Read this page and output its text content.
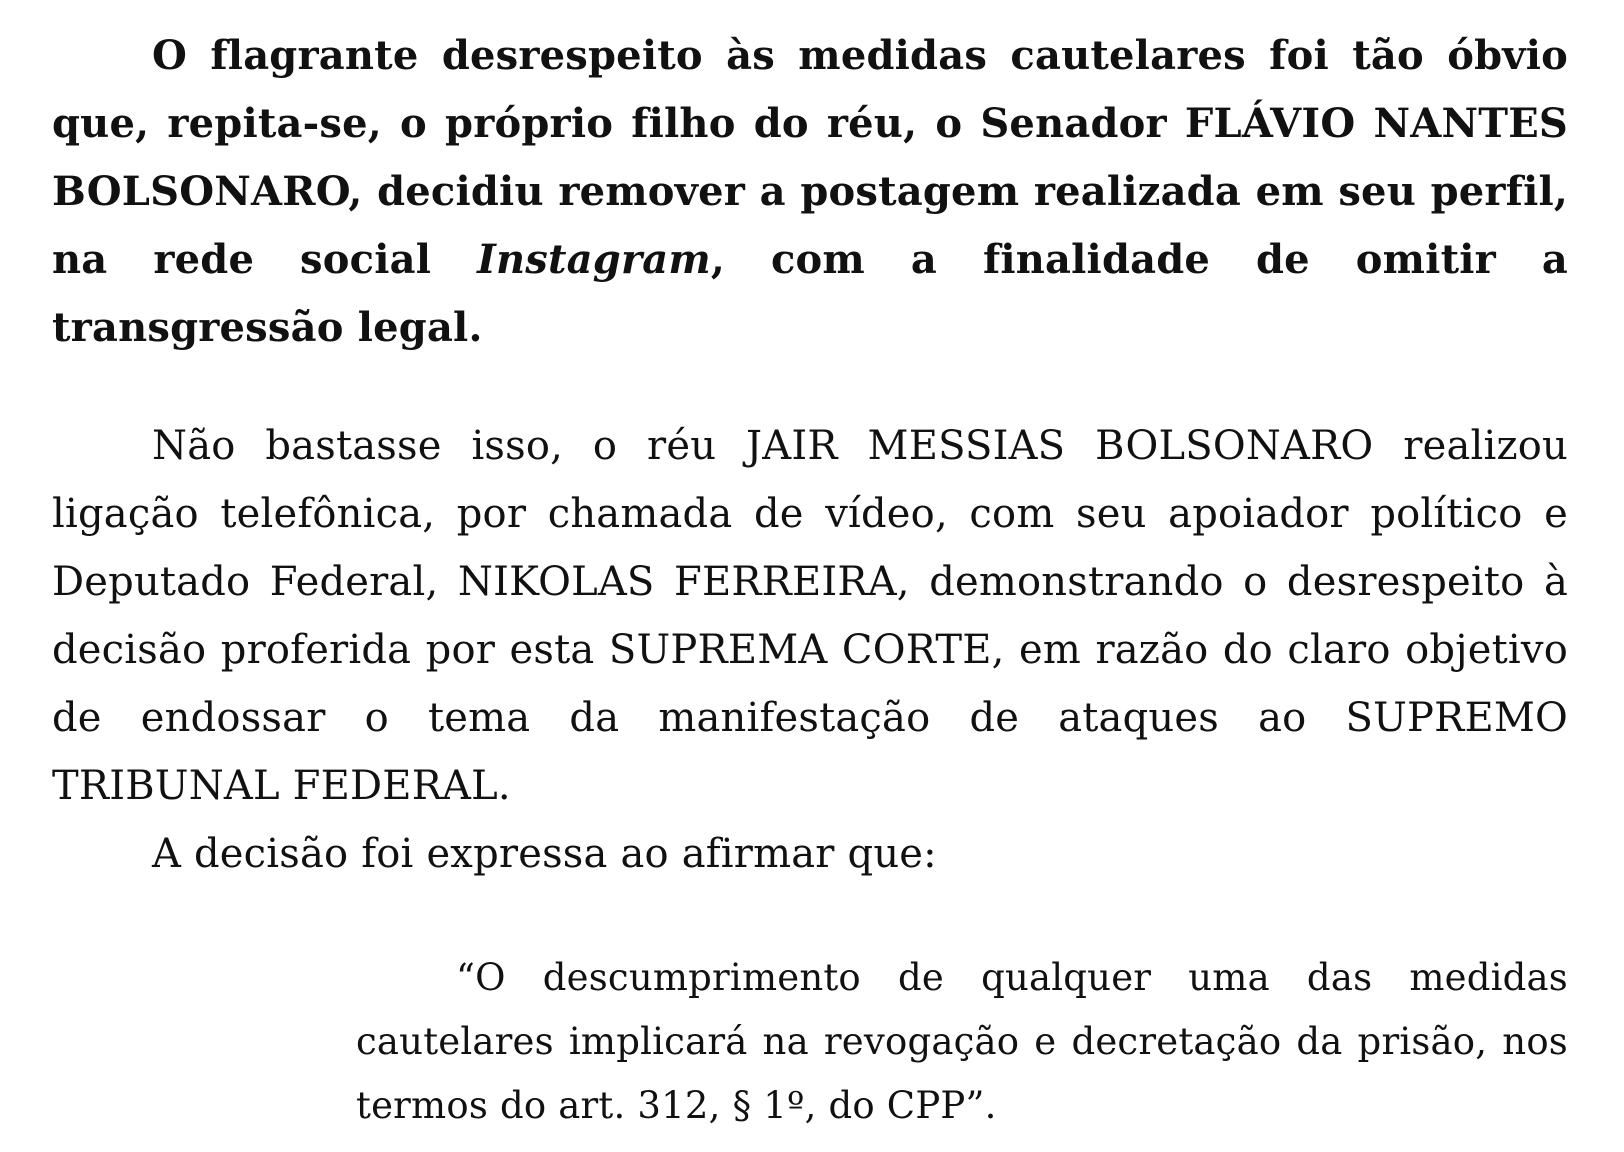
O flagrante desrespeito às medidas cautelares foi tão óbvio que, repita-se, o próprio filho do réu, o Senador FLÁVIO NANTES BOLSONARO, decidiu remover a postagem realizada em seu perfil, na rede social Instagram, com a finalidade de omitir a transgressão legal.

Não bastasse isso, o réu JAIR MESSIAS BOLSONARO realizou ligação telefônica, por chamada de vídeo, com seu apoiador político e Deputado Federal, NIKOLAS FERREIRA, demonstrando o desrespeito à decisão proferida por esta SUPREMA CORTE, em razão do claro objetivo de endossar o tema da manifestação de ataques ao SUPREMO TRIBUNAL FEDERAL.

A decisão foi expressa ao afirmar que:

“O descumprimento de qualquer uma das medidas cautelares implicará na revogação e decretação da prisão, nos termos do art. 312, § 1º, do CPP”.
